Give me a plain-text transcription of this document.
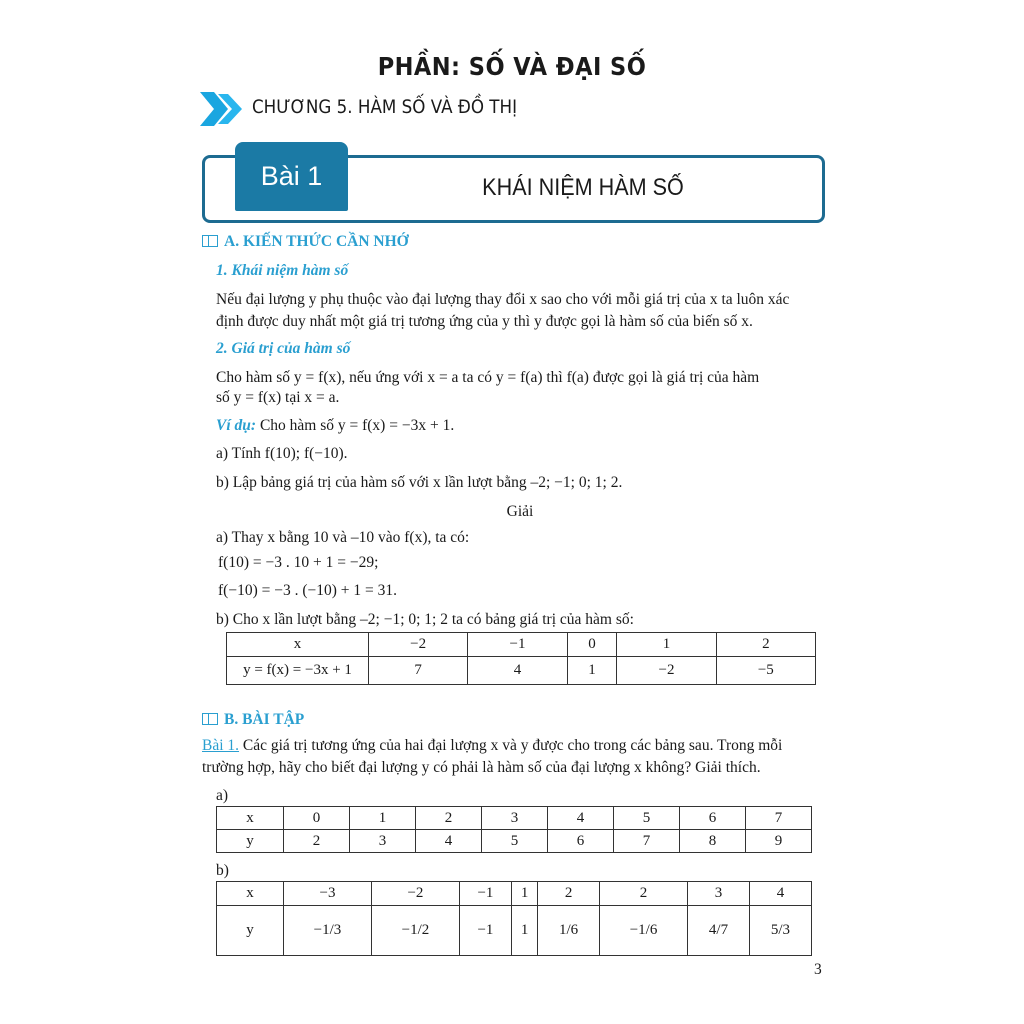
PHẦN: SỐ VÀ ĐẠI SỐ
CHƯƠNG 5. HÀM SỐ VÀ ĐỒ THỊ
Bài 1	KHÁI NIỆM HÀM SỐ
A. KIẾN THỨC CẦN NHỚ
1. Khái niệm hàm số
Nếu đại lượng y phụ thuộc vào đại lượng thay đổi x sao cho với mỗi giá trị của x ta luôn xác
định được duy nhất một giá trị tương ứng của y thì y được gọi là hàm số của biến số x.
2. Giá trị của hàm số
Cho hàm số y = f(x), nếu ứng với x = a ta có y = f(a) thì f(a) được gọi là giá trị của hàm
số y = f(x) tại x = a.
Ví dụ: Cho hàm số y = f(x) = −3x + 1.
a) Tính f(10); f(−10).
b) Lập bảng giá trị của hàm số với x lần lượt bằng –2; −1; 0; 1; 2.
Giải
a) Thay x bằng 10 và –10 vào f(x), ta có:
f(10) = −3 . 10 + 1 = −29;
f(−10) = −3 . (−10) + 1 = 31.
b) Cho x lần lượt bằng –2; −1; 0; 1; 2 ta có bảng giá trị của hàm số:
x	−2	−1	0	1	2
y = f(x) = −3x + 1	7	4	1	−2	−5
B. BÀI TẬP
Bài 1. Các giá trị tương ứng của hai đại lượng x và y được cho trong các bảng sau. Trong mỗi
trường hợp, hãy cho biết đại lượng y có phải là hàm số của đại lượng x không? Giải thích.
a)
x	0	1	2	3	4	5	6	7
y	2	3	4	5	6	7	8	9
b)
x	−3	−2	−1	1	2	2	3	4
y	−1/3	−1/2	−1	1	1/6	−1/6	4/7	5/3
3
